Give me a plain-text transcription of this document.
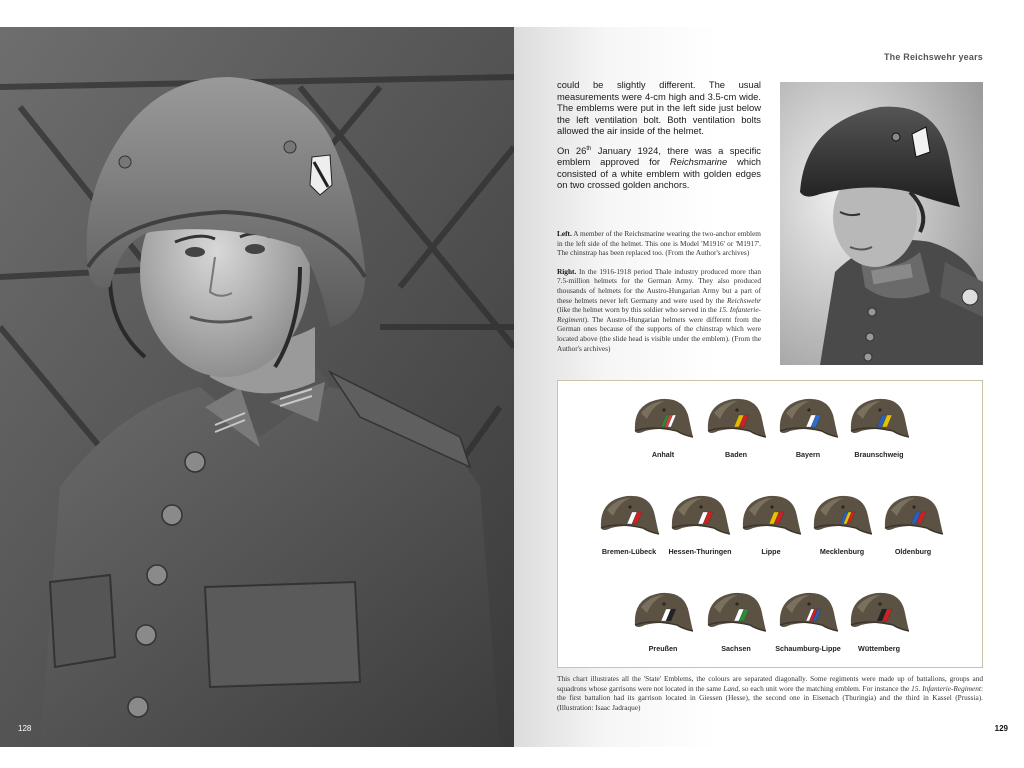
128
The Reichswehr years

could be slightly different. The usual measurements were 4-cm high and 3.5-cm wide. The emblems were put in the left side just below the left ventilation bolt. Both ventilation bolts allowed the air inside of the helmet.

On 26th January 1924, there was a specific emblem approved for Reichsmarine which consisted of a white emblem with golden edges on two crossed golden anchors.

Left. A member of the Reichsmarine wearing the two-anchor emblem in the left side of the helmet. This one is Model 'M1916' or 'M1917'. The chinstrap has been replaced too. (From the Author's archives)

Right. In the 1916-1918 period Thale industry produced more than 7.5-million helmets for the German Army. They also produced thousands of helmets for the Austro-Hungarian Army but a part of these helmets never left Germany and were used by the Reichswehr (like the helmet worn by this soldier who served in the 15. Infanterie-Regiment). The Austro-Hungarian helmets were different from the German ones because of the supports of the chinstrap which were located above (the slide head is visible under the emblem). (From the Author's archives)

Anhalt	Baden	Bayern	Braunschweig
Bremen-Lübeck	Hessen-Thuringen	Lippe	Mecklenburg	Oldenburg
Preußen	Sachsen	Schaumburg-Lippe	Wüttemberg
This chart illustrates all the 'State' Emblems, the colours are separated diagonally. Some regiments were made up of battalions, groups and squadrons whose garrisons were not located in the same Land, so each unit wore the matching emblem. For instance the 15. Infanterie-Regiment: the first battalion had its garrison located in Giessen (Hesse), the second one in Eisenach (Thuringia) and the third in Kassel (Prussia). (Illustration: Isaac Jadraque)
129
